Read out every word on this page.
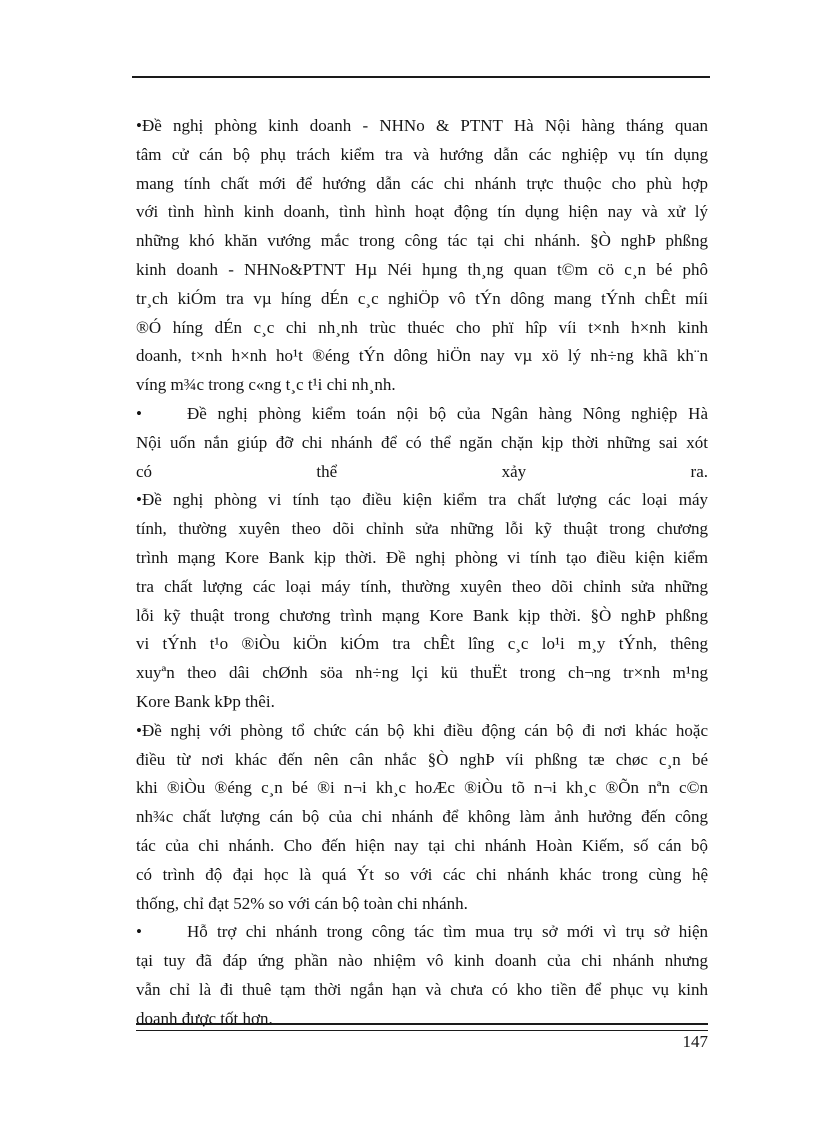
•Đề nghị phòng kinh doanh - NHNo & PTNT Hà Nội hàng tháng quan
tâm cử cán bộ phụ trách kiểm tra và hướng dẫn các nghiệp vụ tín dụng
mang tính chất mới để hướng dẫn các chi nhánh trực thuộc cho phù hợp
với tình hình kinh doanh, tình hình hoạt động tín dụng hiện nay và xử lý
những khó khăn vướng mắc trong công tác tại chi nhánh. §Ò nghÞ phßng
kinh doanh - NHNo&PTNT Hµ Néi hµng th¸ng quan t©m cö c¸n bé phô
tr¸ch kiÓm tra vµ híng dÉn c¸c nghiÖp vô tÝn dông mang tÝnh chÊt míi
®Ó híng dÉn c¸c chi nh¸nh trùc thuéc cho phï hîp víi t×nh h×nh kinh
doanh, t×nh h×nh ho¹t ®éng tÝn dông hiÖn nay vµ xö lý nh÷ng khã kh¨n
víng m¾c trong c«ng t¸c t¹i chi nh¸nh.
•	Đề nghị phòng kiểm toán nội bộ của Ngân hàng Nông nghiệp Hà
Nội uốn nắn giúp đỡ chi nhánh để có thể ngăn chặn kịp thời những sai xót
có thể xảy ra.
•Đề nghị phòng vi tính tạo điều kiện kiểm tra chất lượng các loại máy
tính, thường xuyên theo dõi chỉnh sửa những lỗi kỹ thuật trong chương
trình mạng Kore Bank kịp thời. Đề nghị phòng vi tính tạo điều kiện kiểm
tra chất lượng các loại máy tính, thường xuyên theo dõi chỉnh sửa những
lỗi kỹ thuật trong chương trình mạng Kore Bank kịp thời. §Ò nghÞ phßng
vi tÝnh t¹o ®iÒu kiÖn kiÓm tra chÊt lîng c¸c lo¹i m¸y tÝnh, thêng
xuyªn theo dâi chØnh söa nh÷ng lçi kü thuËt trong ch¬ng tr×nh m¹ng
Kore Bank kÞp thêi.
•Đề nghị với phòng tổ chức cán bộ khi điều động cán bộ đi nơi khác hoặc
điều từ nơi khác đến nên cân nhắc §Ò nghÞ víi phßng tæ chøc c¸n bé
khi ®iÒu ®éng c¸n bé ®i n¬i kh¸c hoÆc ®iÒu tõ n¬i kh¸c ®Õn nªn c©n
nh¾c chất lượng cán bộ của chi nhánh để không làm ảnh hưởng đến công
tác của chi nhánh. Cho đến hiện nay tại chi nhánh Hoàn Kiếm, số cán bộ
có trình độ đại học là quá Ýt so với các chi nhánh khác trong cùng hệ
thống, chỉ đạt 52% so với cán bộ toàn chi nhánh.
•	Hỗ trợ chi nhánh trong công tác tìm mua trụ sở mới vì trụ sở hiện
tại tuy đã đáp ứng phần nào nhiệm vô kinh doanh của chi nhánh nhưng
vẫn chỉ là đi thuê tạm thời ngắn hạn và chưa có kho tiền để phục vụ kinh
doanh được tốt hơn.
147
